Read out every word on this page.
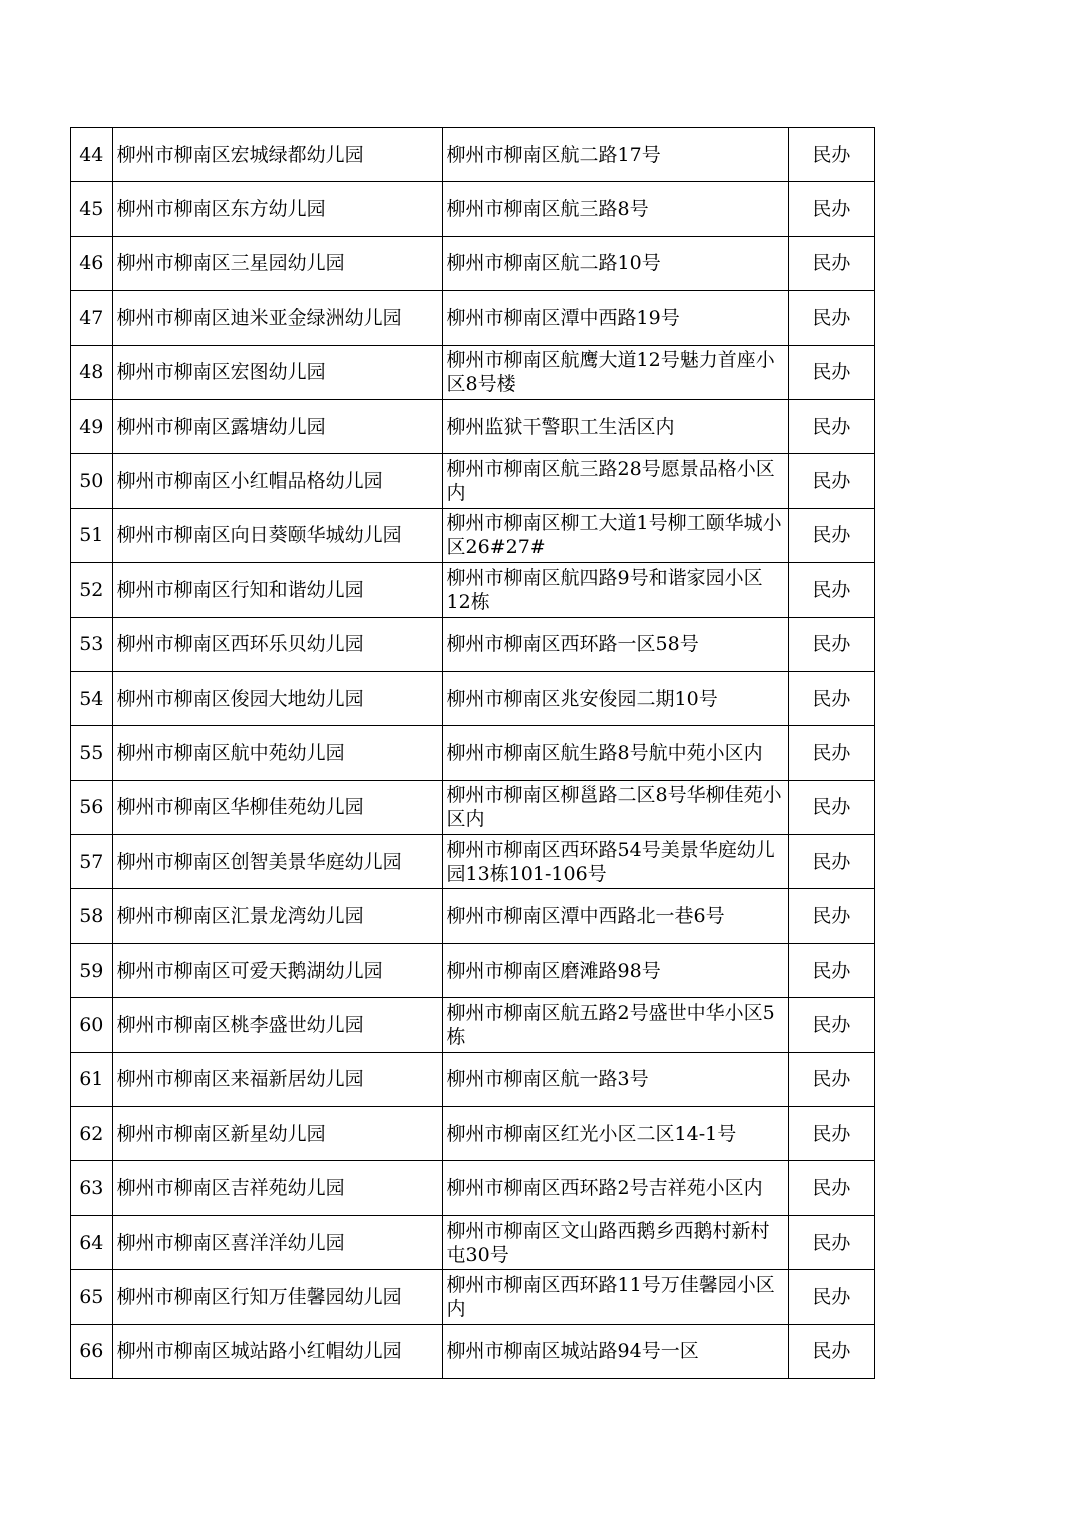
44	柳州市柳南区宏城绿都幼儿园	柳州市柳南区航二路17号	民办
45	柳州市柳南区东方幼儿园	柳州市柳南区航三路8号	民办
46	柳州市柳南区三星园幼儿园	柳州市柳南区航二路10号	民办
47	柳州市柳南区迪米亚金绿洲幼儿园	柳州市柳南区潭中西路19号	民办
48	柳州市柳南区宏图幼儿园	柳州市柳南区航鹰大道12号魅力首座小区8号楼	民办
49	柳州市柳南区露塘幼儿园	柳州监狱干警职工生活区内	民办
50	柳州市柳南区小红帽品格幼儿园	柳州市柳南区航三路28号愿景品格小区内	民办
51	柳州市柳南区向日葵颐华城幼儿园	柳州市柳南区柳工大道1号柳工颐华城小区26#27#	民办
52	柳州市柳南区行知和谐幼儿园	柳州市柳南区航四路9号和谐家园小区12栋	民办
53	柳州市柳南区西环乐贝幼儿园	柳州市柳南区西环路一区58号	民办
54	柳州市柳南区俊园大地幼儿园	柳州市柳南区兆安俊园二期10号	民办
55	柳州市柳南区航中苑幼儿园	柳州市柳南区航生路8号航中苑小区内	民办
56	柳州市柳南区华柳佳苑幼儿园	柳州市柳南区柳邕路二区8号华柳佳苑小区内	民办
57	柳州市柳南区创智美景华庭幼儿园	柳州市柳南区西环路54号美景华庭幼儿园13栋101-106号	民办
58	柳州市柳南区汇景龙湾幼儿园	柳州市柳南区潭中西路北一巷6号	民办
59	柳州市柳南区可爱天鹅湖幼儿园	柳州市柳南区磨滩路98号	民办
60	柳州市柳南区桃李盛世幼儿园	柳州市柳南区航五路2号盛世中华小区5栋	民办
61	柳州市柳南区来福新居幼儿园	柳州市柳南区航一路3号	民办
62	柳州市柳南区新星幼儿园	柳州市柳南区红光小区二区14-1号	民办
63	柳州市柳南区吉祥苑幼儿园	柳州市柳南区西环路2号吉祥苑小区内	民办
64	柳州市柳南区喜洋洋幼儿园	柳州市柳南区文山路西鹅乡西鹅村新村屯30号	民办
65	柳州市柳南区行知万佳馨园幼儿园	柳州市柳南区西环路11号万佳馨园小区内	民办
66	柳州市柳南区城站路小红帽幼儿园	柳州市柳南区城站路94号一区	民办
